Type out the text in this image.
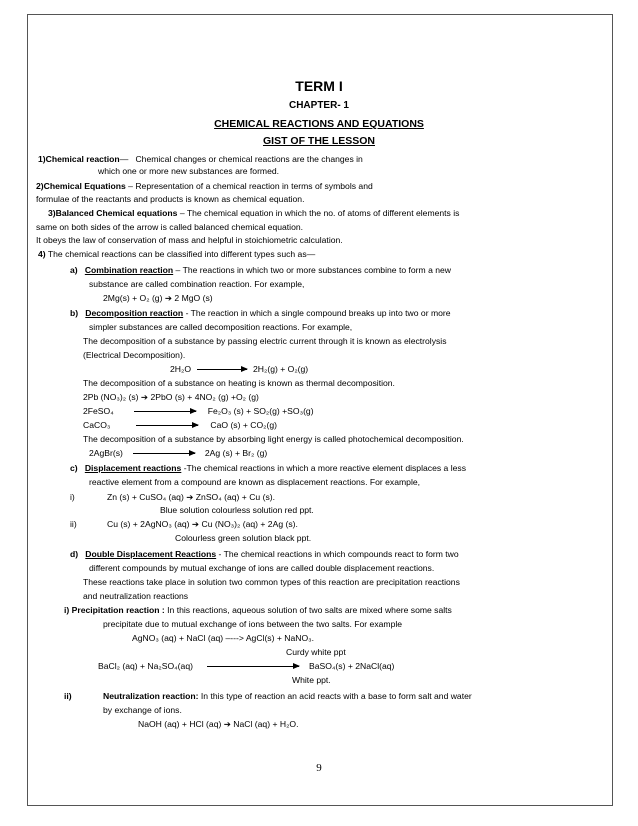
TERM I
CHAPTER- 1
CHEMICAL REACTIONS AND EQUATIONS
GIST OF THE LESSON
1)Chemical reaction—   Chemical changes or chemical reactions are the changes in
which one or more new substances are formed.
2)Chemical Equations – Representation of a chemical reaction in terms of symbols and
formulae of the reactants and products is known as chemical equation.
3)Balanced Chemical equations – The chemical equation in which the no. of atoms of different elements is
same on both sides of the arrow is called balanced chemical equation.
It obeys the law of conservation of mass and helpful in stoichiometric calculation.
4) The chemical reactions can be classified into different types such as—
a) Combination reaction – The reactions in which two or more substances combine to form a new
substance are called combination reaction. For example,
2Mg(s) + O₂ (g) ➔ 2 MgO (s)
b) Decomposition reaction - The reaction in which a single compound breaks up into two or more
simpler substances are called decomposition reactions. For example,
The decomposition of a substance by passing electric current through it is known as electrolysis
(Electrical Decomposition).
2H₂O	2H₂(g) + O₂(g)
The decomposition of a substance on heating is known as thermal decomposition.
2Pb (NO₃)₂ (s) ➔ 2PbO (s) + 4NO₂ (g) +O₂ (g)
2FeSO₄	Fe₂O₃ (s) + SO₂(g) +SO₃(g)
CaCO₃	CaO (s) + CO₂(g)
The decomposition of a substance by absorbing light energy is called photochemical decomposition.
2AgBr(s)	2Ag (s) + Br₂ (g)
c) Displacement reactions -The chemical reactions in which a more reactive element displaces a less
reactive element from a compound are known as displacement reactions. For example,
i)	Zn (s) + CuSO₄ (aq) ➔ ZnSO₄ (aq) + Cu (s).
Blue solution colourless solution red ppt.
ii)	Cu (s) + 2AgNO₃ (aq) ➔ Cu (NO₃)₂ (aq) + 2Ag (s).
Colourless green solution black ppt.
d) Double Displacement Reactions - The chemical reactions in which compounds react to form two
different compounds by mutual exchange of ions are called double displacement reactions.
These reactions take place in solution two common types of this reaction are precipitation reactions
and neutralization reactions
i) Precipitation reaction : In this reactions, aqueous solution of two salts are mixed where some salts
precipitate due to mutual exchange of ions between the two salts. For example
AgNO₃ (aq) + NaCl (aq) –---> AgCl(s) + NaNO₃.
Curdy white ppt
BaCl₂ (aq) + Na₂SO₄(aq)	BaSO₄(s) + 2NaCl(aq)
White ppt.
ii)	Neutralization reaction: In this type of reaction an acid reacts with a base to form salt and water
by exchange of ions.
NaOH (aq) + HCl (aq) ➔ NaCl (aq) + H₂O.
9
